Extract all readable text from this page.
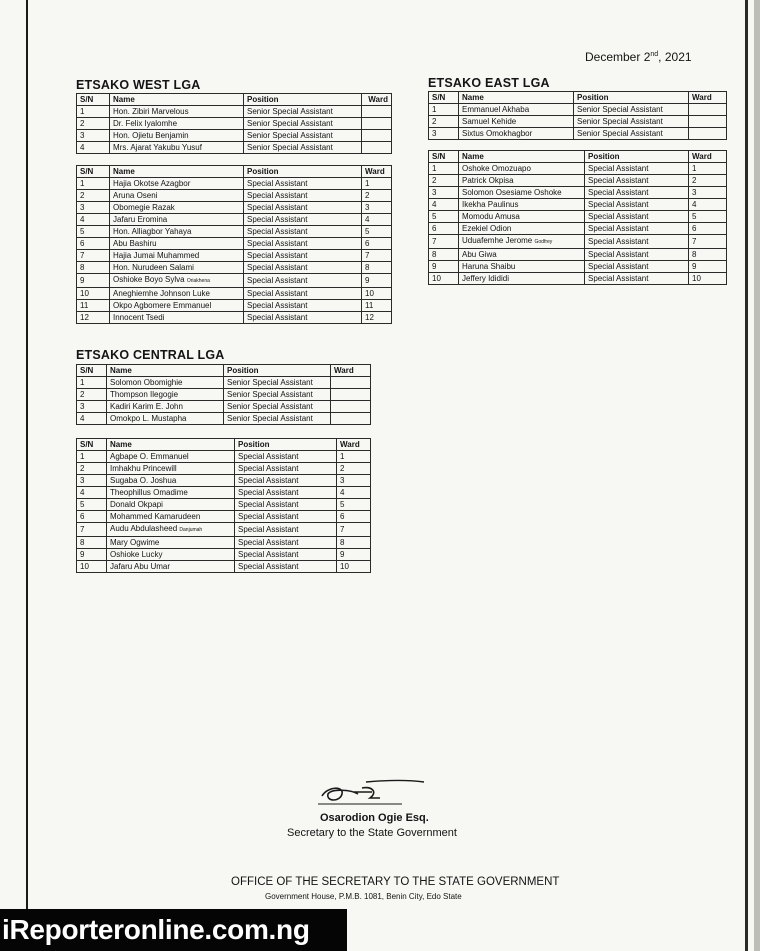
December 2nd, 2021
ETSAKO WEST LGA
S/N	Name	Position	Ward
1	Hon. Zibiri Marvelous	Senior Special Assistant	
2	Dr. Felix Iyalomhe	Senior Special Assistant	
3	Hon. Ojietu Benjamin	Senior Special Assistant	
4	Mrs. Ajarat Yakubu Yusuf	Senior Special Assistant	
S/N	Name	Position	Ward
1	Hajia Okotse Azagbor	Special Assistant	1
2	Aruna Oseni	Special Assistant	2
3	Obomegie Razak	Special Assistant	3
4	Jafaru Eromina	Special Assistant	4
5	Hon. Alliagbor Yahaya	Special Assistant	5
6	Abu Bashiru	Special Assistant	6
7	Hajia Jumai Muhammed	Special Assistant	7
8	Hon. Nurudeen Salami	Special Assistant	8
9	Oshioke Boyo Sylva Oriakhena	Special Assistant	9
10	Aneghiemhe Johnson Luke	Special Assistant	10
11	Okpo Agbomere Emmanuel	Special Assistant	11
12	Innocent Tsedi	Special Assistant	12
ETSAKO EAST LGA
S/N	Name	Position	Ward
1	Emmanuel Akhaba	Senior Special Assistant	
2	Samuel Kehide	Senior Special Assistant	
3	Sixtus Omokhagbor	Senior Special Assistant	
S/N	Name	Position	Ward
1	Oshoke Omozuapo	Special Assistant	1
2	Patrick Okpisa	Special Assistant	2
3	Solomon Osesiame Oshoke	Special Assistant	3
4	Ikekha Paulinus	Special Assistant	4
5	Momodu Amusa	Special Assistant	5
6	Ezekiel Odion	Special Assistant	6
7	Uduafemhe Jerome Godfrey	Special Assistant	7
8	Abu Giwa	Special Assistant	8
9	Haruna Shaibu	Special Assistant	9
10	Jeffery Idididi	Special Assistant	10
ETSAKO CENTRAL LGA
S/N	Name	Position	Ward
1	Solomon Obomighie	Senior Special Assistant	
2	Thompson Ilegogie	Senior Special Assistant	
3	Kadiri Karim E. John	Senior Special Assistant	
4	Omokpo L. Mustapha	Senior Special Assistant	
S/N	Name	Position	Ward
1	Agbape O. Emmanuel	Special Assistant	1
2	Imhakhu Princewill	Special Assistant	2
3	Sugaba O. Joshua	Special Assistant	3
4	Theophillus Omadime	Special Assistant	4
5	Donald Okpapi	Special Assistant	5
6	Mohammed Kamarudeen	Special Assistant	6
7	Audu Abdulasheed Danjumah	Special Assistant	7
8	Mary Ogwime	Special Assistant	8
9	Oshioke Lucky	Special Assistant	9
10	Jafaru Abu Umar	Special Assistant	10
Osarodion Ogie Esq.
Secretary to the State Government
OFFICE OF THE SECRETARY TO THE STATE GOVERNMENT
Government House, P.M.B. 1081, Benin City, Edo State
iReporteronline.com.ng
